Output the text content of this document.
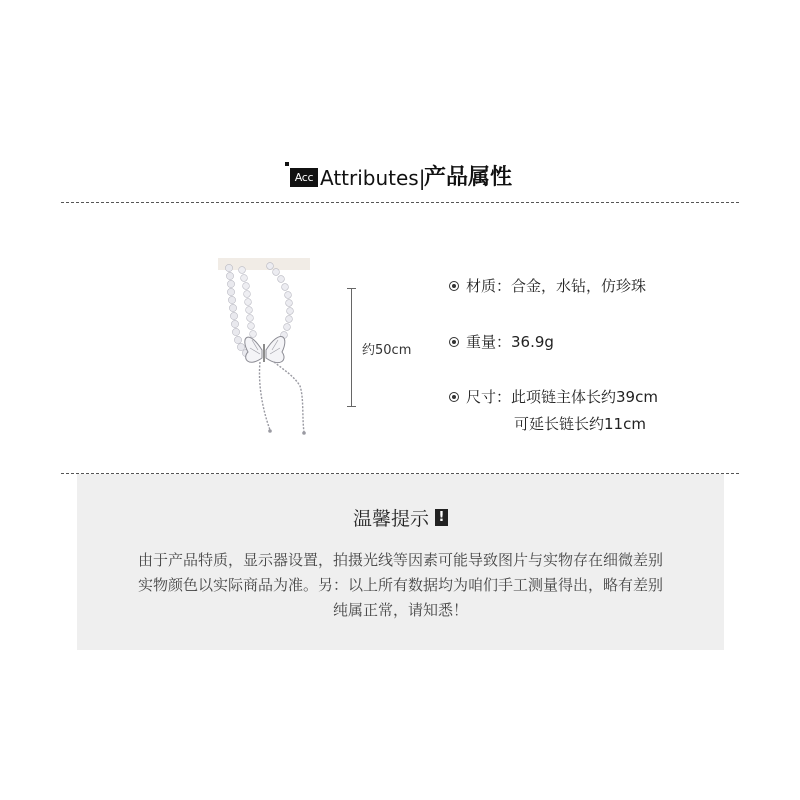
Acc Attributes|
产品属性
约50cm
材质：合金，水钻，仿珍珠
重量：36.9g
尺寸：此项链主体长约39cm
可延长链长约11cm
温馨提示 !
由于产品特质，显示器设置，拍摄光线等因素可能导致图片与实物存在细微差别
实物颜色以实际商品为准。另：以上所有数据均为咱们手工测量得出，略有差别
纯属正常，请知悉！
